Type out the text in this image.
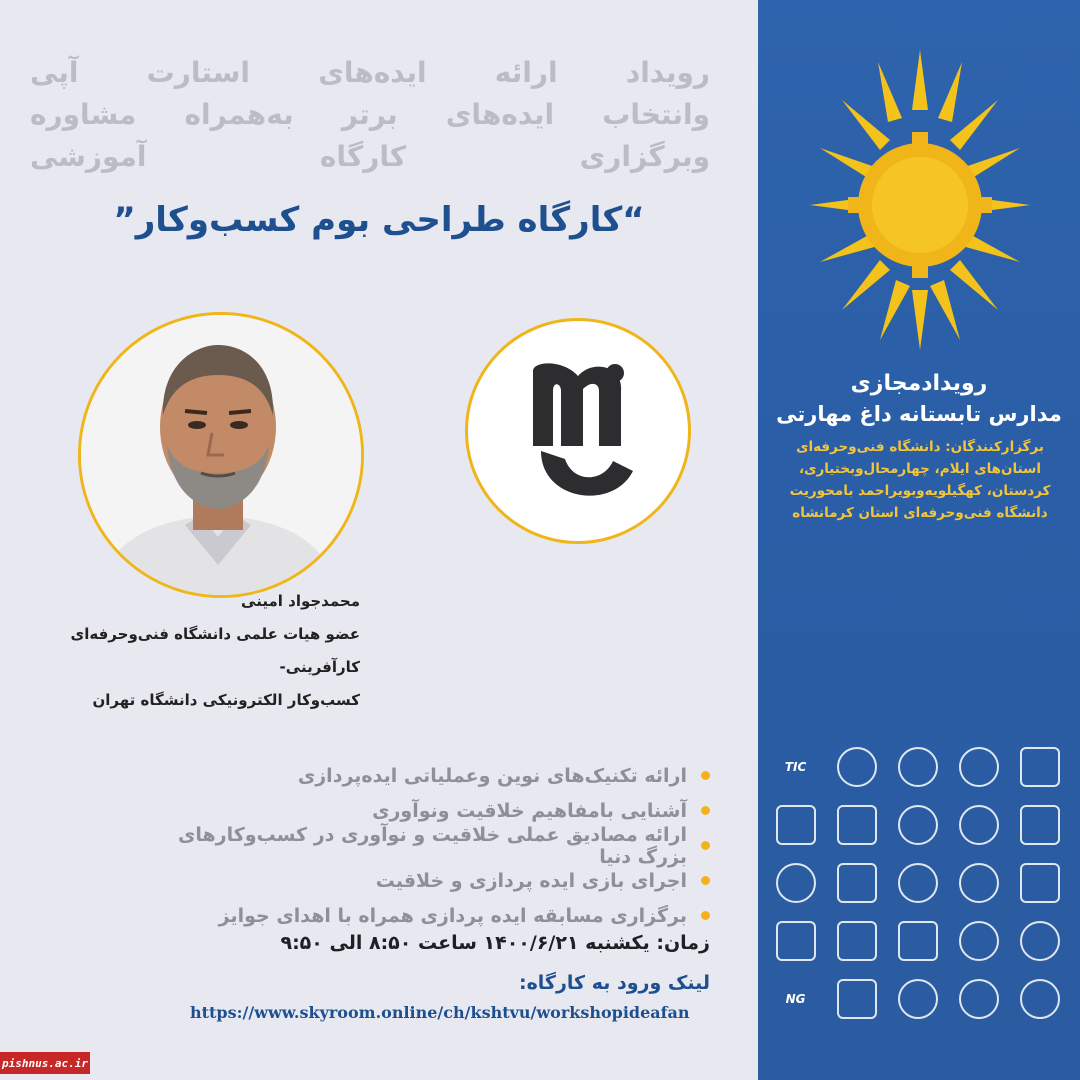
رویداد ارائه ایده‌های استارت آپی
وانتخاب ایده‌های برتر به‌همراه مشاوره
وبرگزاری کارگاه آموزشی
“کارگاه طراحی بوم کسب‌وکار”
محمدجواد امینی
عضو هیات علمی دانشگاه فنی‌وحرفه‌ای
کارآفرینی-
کسب‌وکار الکترونیکی دانشگاه تهران
ارائه تکنیک‌های نوین وعملیاتی ایده‌پردازی
آشنایی بامفاهیم خلاقیت ونوآوری
ارائه مصادیق عملی خلاقیت و نوآوری در کسب‌وکارهای بزرگ دنیا
اجرای بازی ایده پردازی و خلاقیت
برگزاری مسابقه ایده پردازی همراه با اهدای جوایز
زمان: یکشنبه ۱۴۰۰/۶/۲۱ ساعت ۸:۵۰ الی ۹:۵۰
لینک ورود به کارگاه:
https://www.skyroom.online/ch/kshtvu/workshopideafan
pishnus.ac.ir
رویدادمجازی
مدارس تابستانه داغ مهارتی
برگزارکنندگان: دانشگاه فنی‌وحرفه‌ای
استان‌های ایلام، چهارمحال‌وبختیاری،
کردستان، کهگیلویه‌وبویراحمد بامحوریت
دانشگاه فنی‌وحرفه‌ای استان کرمانشاه
TIC
NG
